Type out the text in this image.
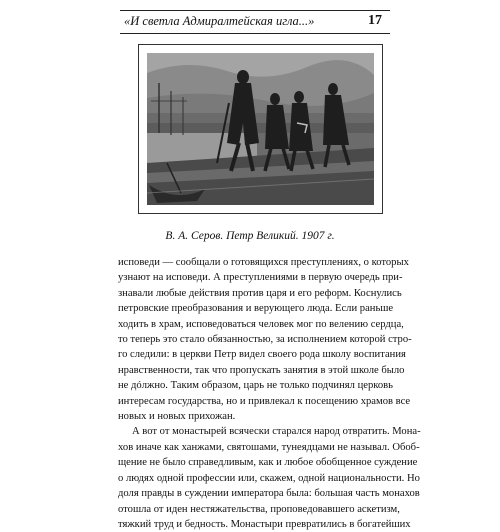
«И светла Адмиралтейская игла...»	17
В. А. Серов. Петр Великий. 1907 г.
исповеди — сообщали о готовящихся преступлениях, о которых
узнают на исповеди. А преступлениями в первую очередь при-
знавали любые действия против царя и его реформ. Коснулись
петровские преобразования и верующего люда. Если раньше
ходить в храм, исповедоваться человек мог по велению сердца,
то теперь это стало обязанностью, за исполнением которой стро-
го следили: в церкви Петр видел своего рода школу воспитания
нравственности, так что пропускать занятия в этой школе было
не дóлжно. Таким образом, царь не только подчинял церковь
интересам государства, но и привлекал к посещению храмов все
новых и новых прихожан.
А вот от монастырей всячески старался народ отвратить. Мона-
хов иначе как ханжами, святошами, тунеядцами не называл. Обоб-
щение не было справедливым, как и любое обобщенное суждение
о людях одной профессии или, скажем, одной национальности. Но
доля правды в суждении императора была: большая часть монахов
отошла от иден нестяжательства, проповедовавшего аскетизм,
тяжкий труд и бедность. Монастыри превратились в богатейших
